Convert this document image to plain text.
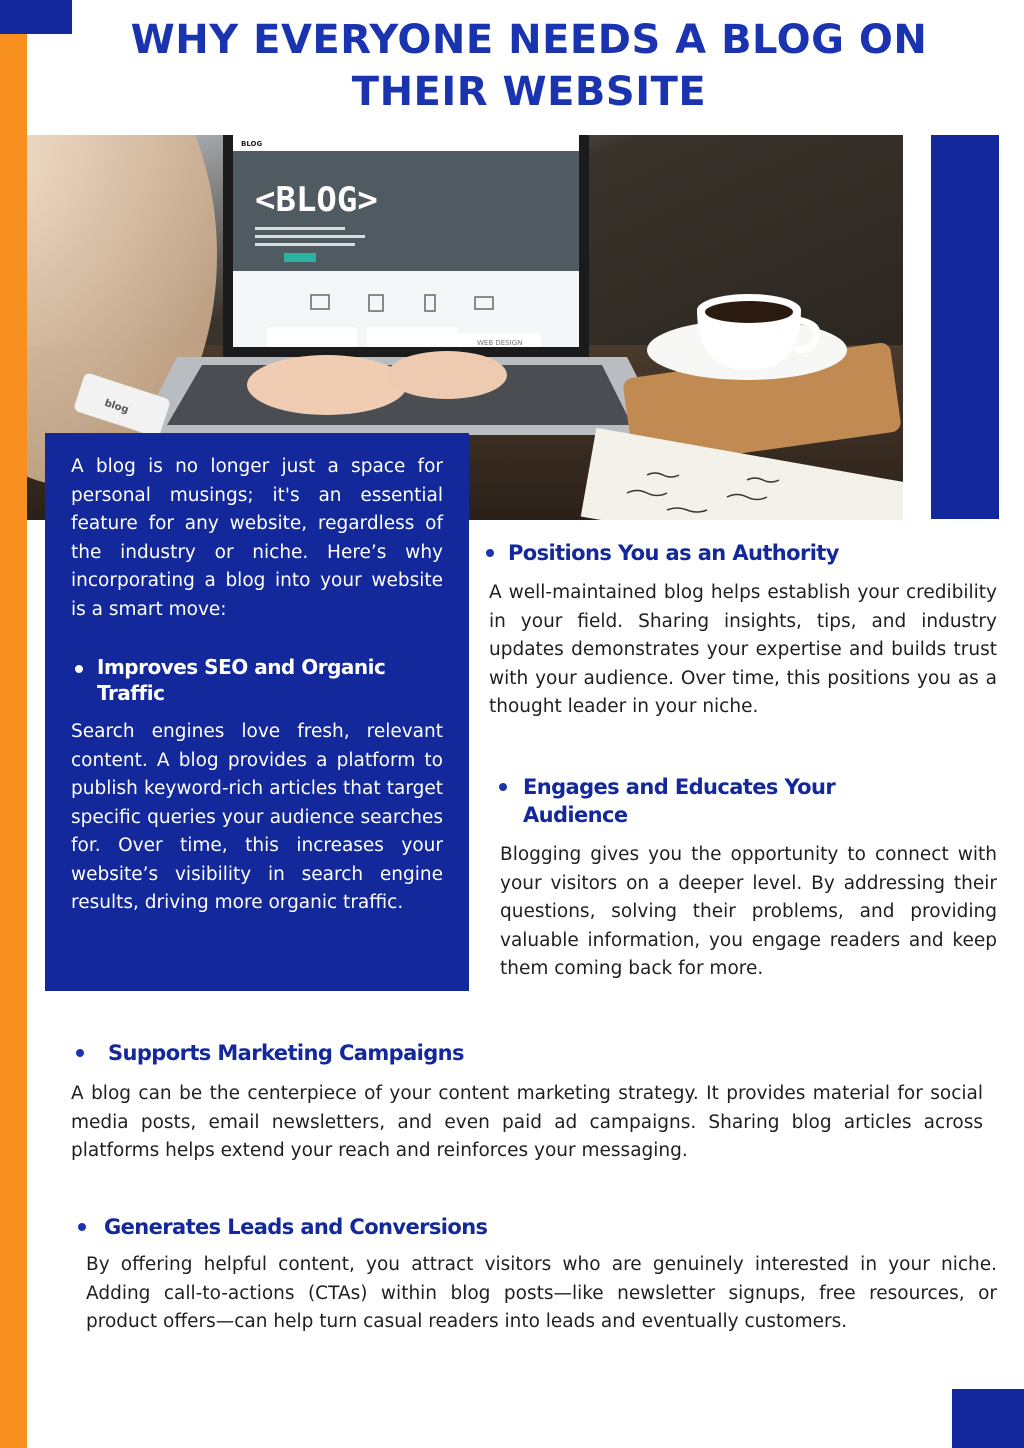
WHY EVERYONE NEEDS A BLOG ON
THEIR WEBSITE
BLOG
<BLOG>
WEB DESIGN
blog

A blog is no longer just a space for personal musings; it's an essential feature for any website, regardless of the industry or niche. Here’s why incorporating a blog into your website is a smart move:

Improves SEO and Organic Traffic

Search engines love fresh, relevant content. A blog provides a platform to publish keyword-rich articles that target specific queries your audience searches for. Over time, this increases your website’s visibility in search engine results, driving more organic traffic.

Positions You as an Authority

A well-maintained blog helps establish your credibility in your field. Sharing insights, tips, and industry updates demonstrates your expertise and builds trust with your audience. Over time, this positions you as a thought leader in your niche.

Engages and Educates Your Audience

Blogging gives you the opportunity to connect with your visitors on a deeper level. By addressing their questions, solving their problems, and providing valuable information, you engage readers and keep them coming back for more.

Supports Marketing Campaigns

A blog can be the centerpiece of your content marketing strategy. It provides material for social media posts, email newsletters, and even paid ad campaigns. Sharing blog articles across platforms helps extend your reach and reinforces your messaging.

Generates Leads and Conversions

By offering helpful content, you attract visitors who are genuinely interested in your niche. Adding call-to-actions (CTAs) within blog posts—like newsletter signups, free resources, or product offers—can help turn casual readers into leads and eventually customers.
